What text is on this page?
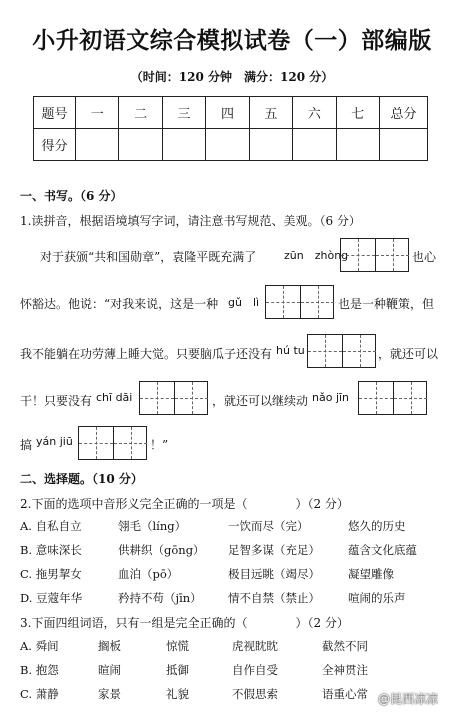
小升初语文综合模拟试卷（一）部编版
（时间：120 分钟　满分：120 分）
题号	一	二	三	四	五	六	七	总分
得分								
一、书写。（6 分）
1.读拼音，根据语境填写字词，请注意书写规范、美观。（6 分）
对于获颁“共和国勋章”，袁隆平既充满了	zūn　zhòng	也心
怀豁达。他说：“对我来说，这是一种 gǔ　lì	也是一种鞭策，但
我不能躺在功劳薄上睡大觉。只要脑瓜子还没有 hú tu	，就还可以
干！只要没有 chī dāi	，就还可以继续动 nǎo jīn
搞 yán jiū	！”
二、选择题。（10 分）
2.下面的选项中音形义完全正确的一项是（　　　　）（2 分）
A. 自私自立	翎毛（líng）	一饮而尽（完）	悠久的历史
B. 意味深长	供耕织（gōng） 足智多谋（充足） 蕴含文化底蕴
C. 拖男挈女	血泊（pō）	极目远眺（竭尽） 凝望雕像
D. 豆蔻年华	矜持不苟（jīn） 情不自禁（禁止） 喧闹的乐声
3.下面四组词语，只有一组是完全正确的（　　　　）（2 分）
A. 舜间	搁板	惊慌	虎视眈眈	截然不同
B. 抱怨	暄闹	抵御	自作自受	全神贯注
C. 萧静	家景	礼貌	不假思索	语重心常 @昆西凉凉
